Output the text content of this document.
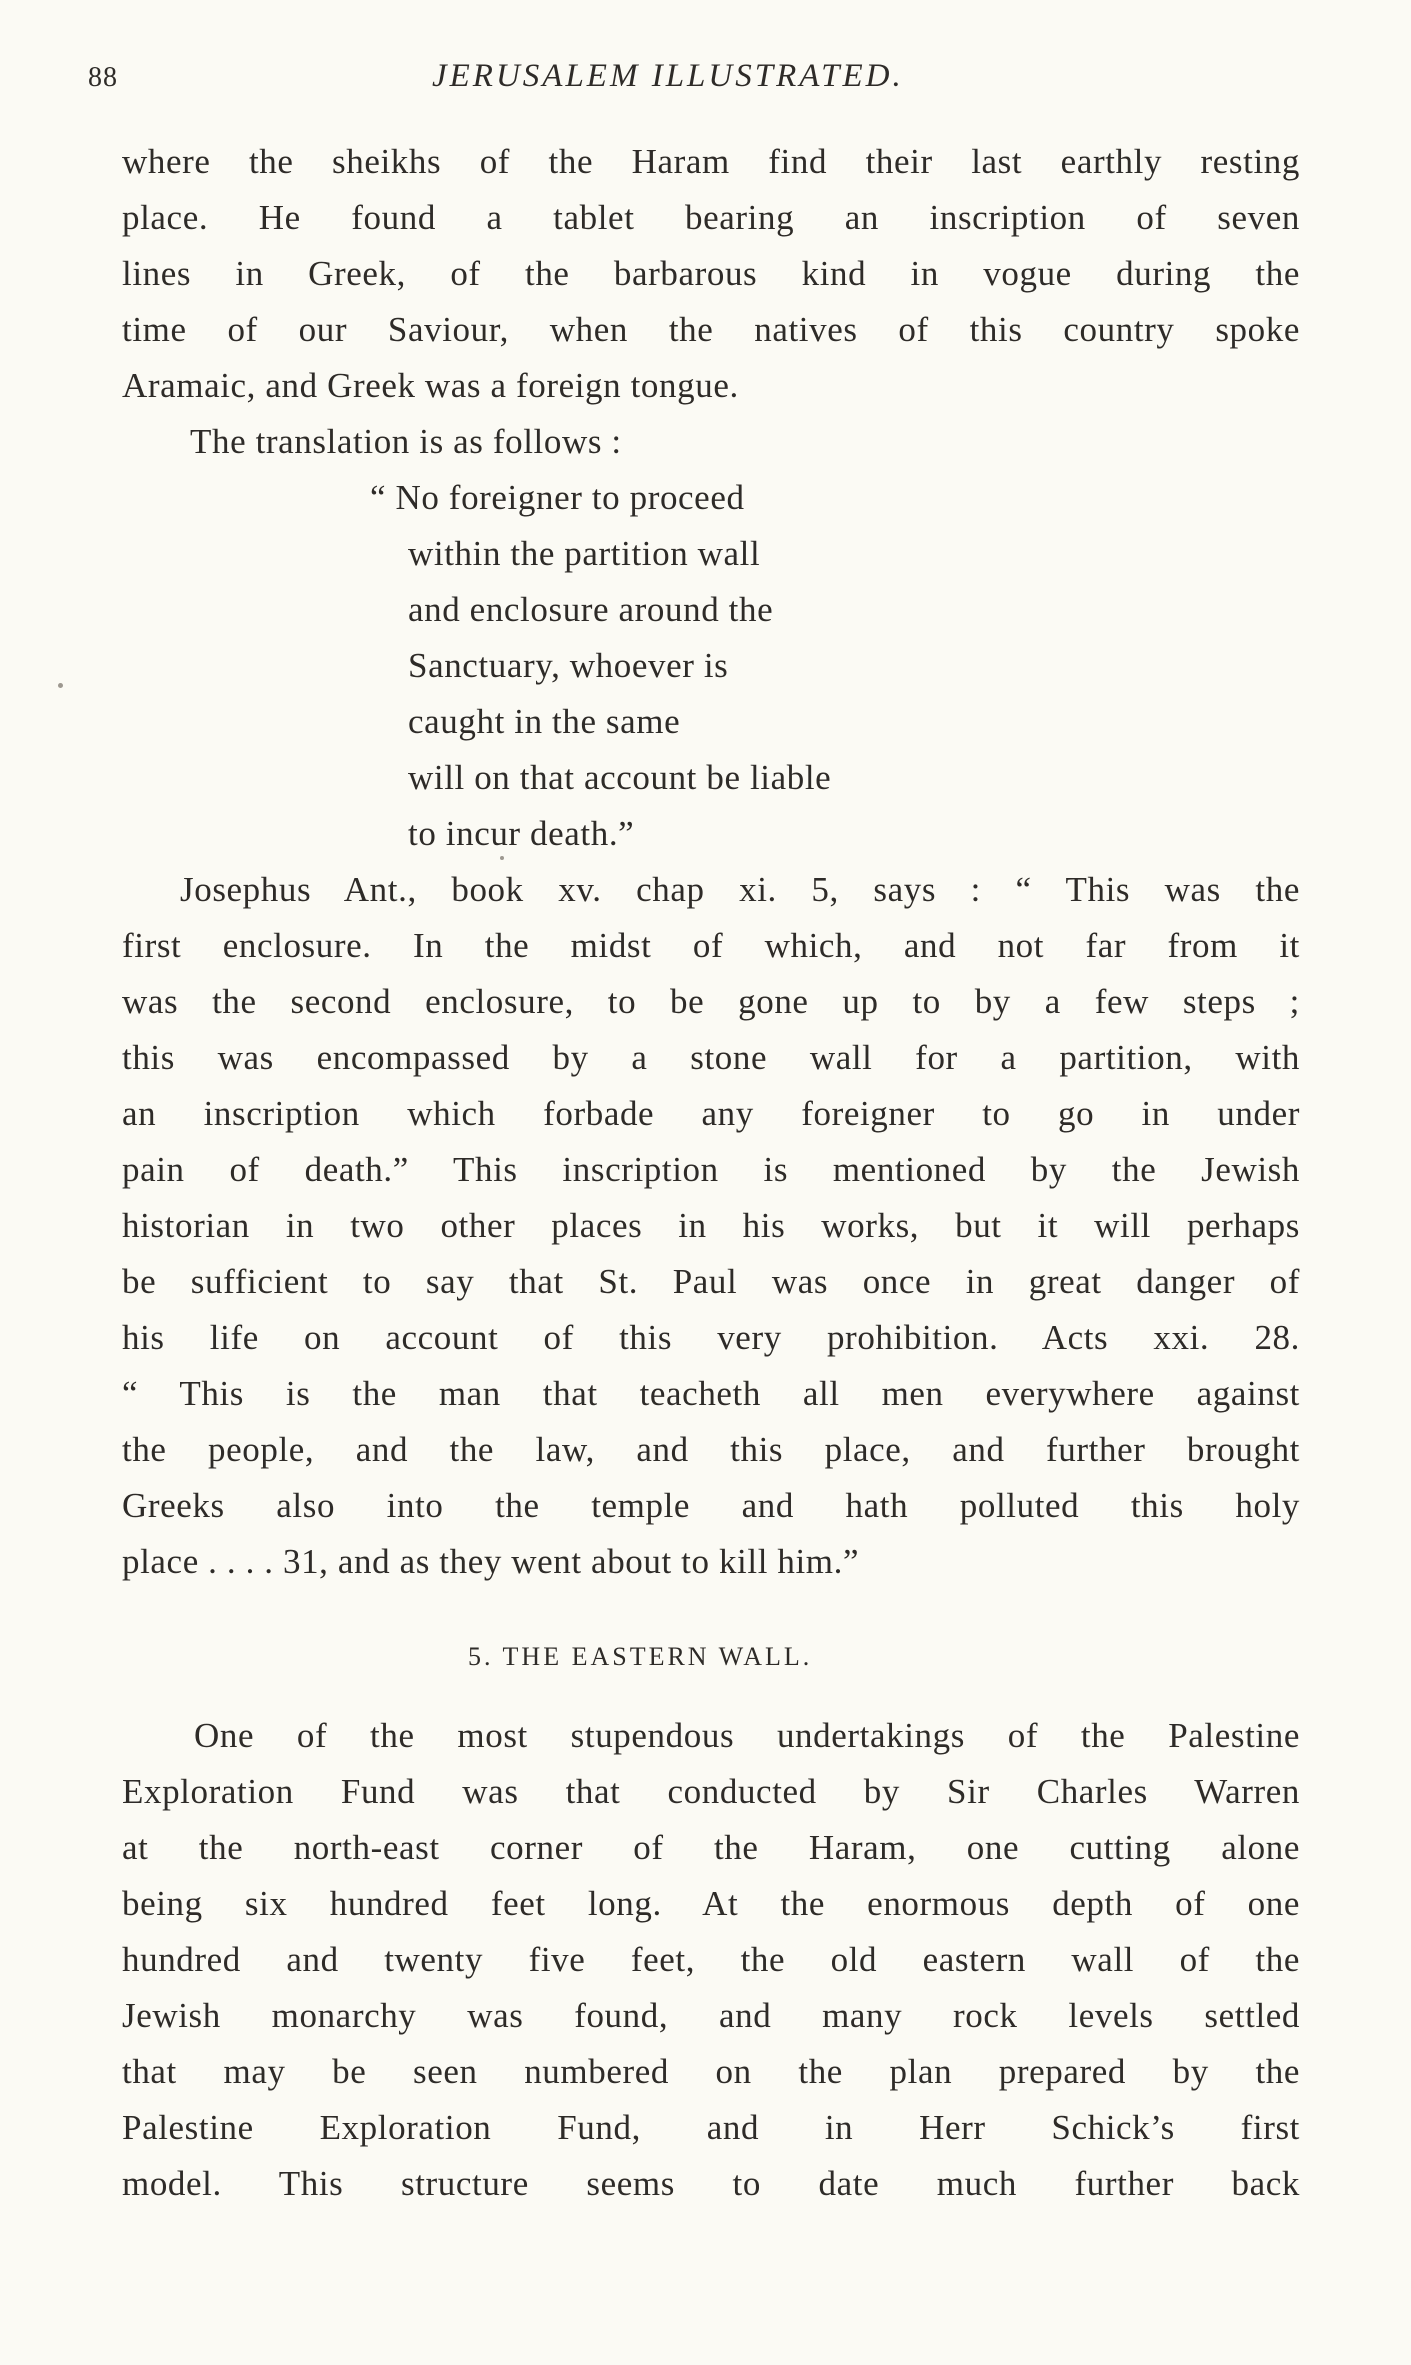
88	JERUSALEM ILLUSTRATED.
where the sheikhs of the Haram find their last earthly resting
place. He found a tablet bearing an inscription of seven
lines in Greek, of the barbarous kind in vogue during the
time of our Saviour, when the natives of this country spoke
Aramaic, and Greek was a foreign tongue.
The translation is as follows :
“ No foreigner to proceed
within the partition wall
and enclosure around the
Sanctuary, whoever is
caught in the same
will on that account be liable
to incur death.”
Josephus Ant., book xv. chap xi. 5, says : “ This was the
first enclosure. In the midst of which, and not far from it
was the second enclosure, to be gone up to by a few steps ;
this was encompassed by a stone wall for a partition, with
an inscription which forbade any foreigner to go in under
pain of death.” This inscription is mentioned by the Jewish
historian in two other places in his works, but it will perhaps
be sufficient to say that St. Paul was once in great danger of
his life on account of this very prohibition. Acts xxi. 28.
“ This is the man that teacheth all men everywhere against
the people, and the law, and this place, and further brought
Greeks also into the temple and hath polluted this holy
place . . . . 31, and as they went about to kill him.”
5. THE EASTERN WALL.
One of the most stupendous undertakings of the Palestine
Exploration Fund was that conducted by Sir Charles Warren
at the north-east corner of the Haram, one cutting alone
being six hundred feet long. At the enormous depth of one
hundred and twenty five feet, the old eastern wall of the
Jewish monarchy was found, and many rock levels settled
that may be seen numbered on the plan prepared by the
Palestine Exploration Fund, and in Herr Schick’s first
model. This structure seems to date much further back
